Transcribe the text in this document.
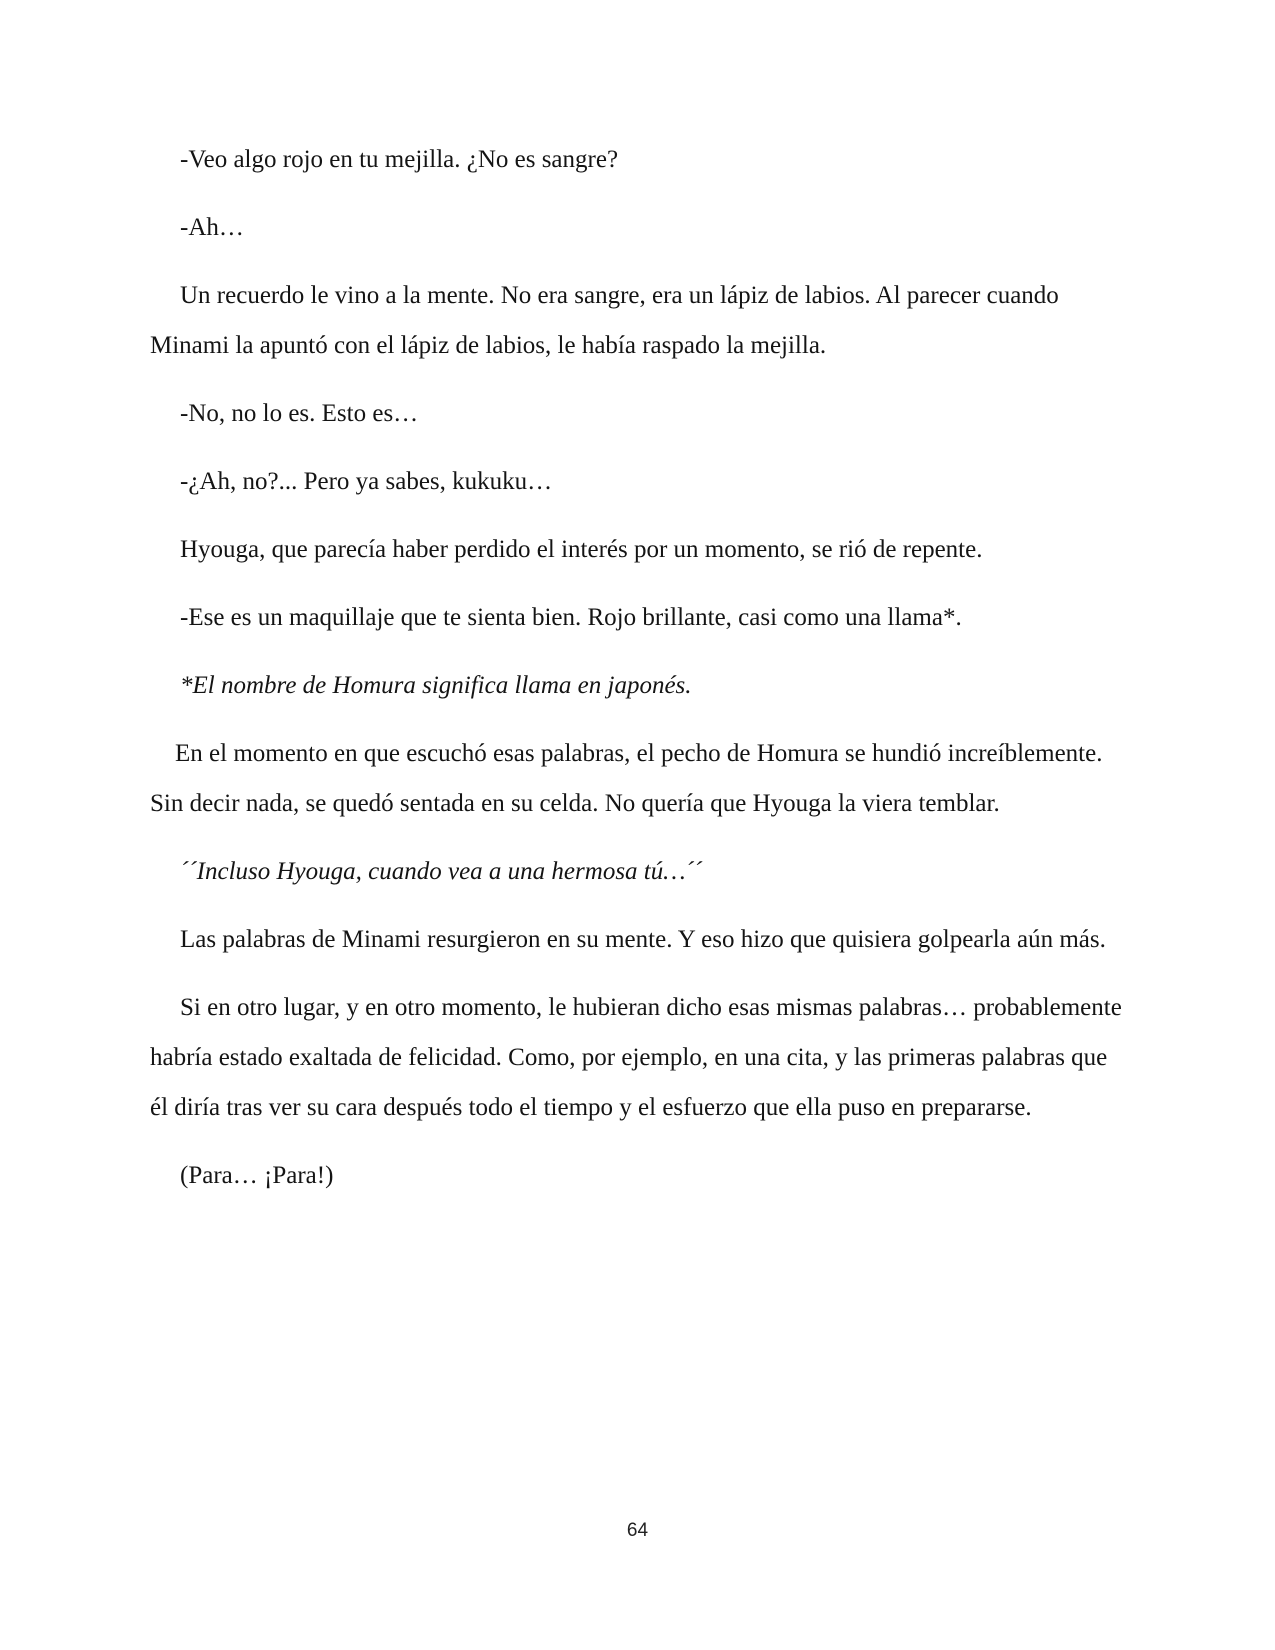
-Veo algo rojo en tu mejilla. ¿No es sangre?

-Ah…

Un recuerdo le vino a la mente. No era sangre, era un lápiz de labios. Al parecer cuando Minami la apuntó con el lápiz de labios, le había raspado la mejilla.

-No, no lo es. Esto es…

-¿Ah, no?... Pero ya sabes, kukuku…

Hyouga, que parecía haber perdido el interés por un momento, se rió de repente.

-Ese es un maquillaje que te sienta bien. Rojo brillante, casi como una llama*.

*El nombre de Homura significa llama en japonés.

En el momento en que escuchó esas palabras, el pecho de Homura se hundió increíblemente. Sin decir nada, se quedó sentada en su celda. No quería que Hyouga la viera temblar.

´´Incluso Hyouga, cuando vea a una hermosa tú…´´

Las palabras de Minami resurgieron en su mente. Y eso hizo que quisiera golpearla aún más.

Si en otro lugar, y en otro momento, le hubieran dicho esas mismas palabras… probablemente habría estado exaltada de felicidad. Como, por ejemplo, en una cita, y las primeras palabras que él diría tras ver su cara después todo el tiempo y el esfuerzo que ella puso en prepararse.

(Para… ¡Para!)

64
